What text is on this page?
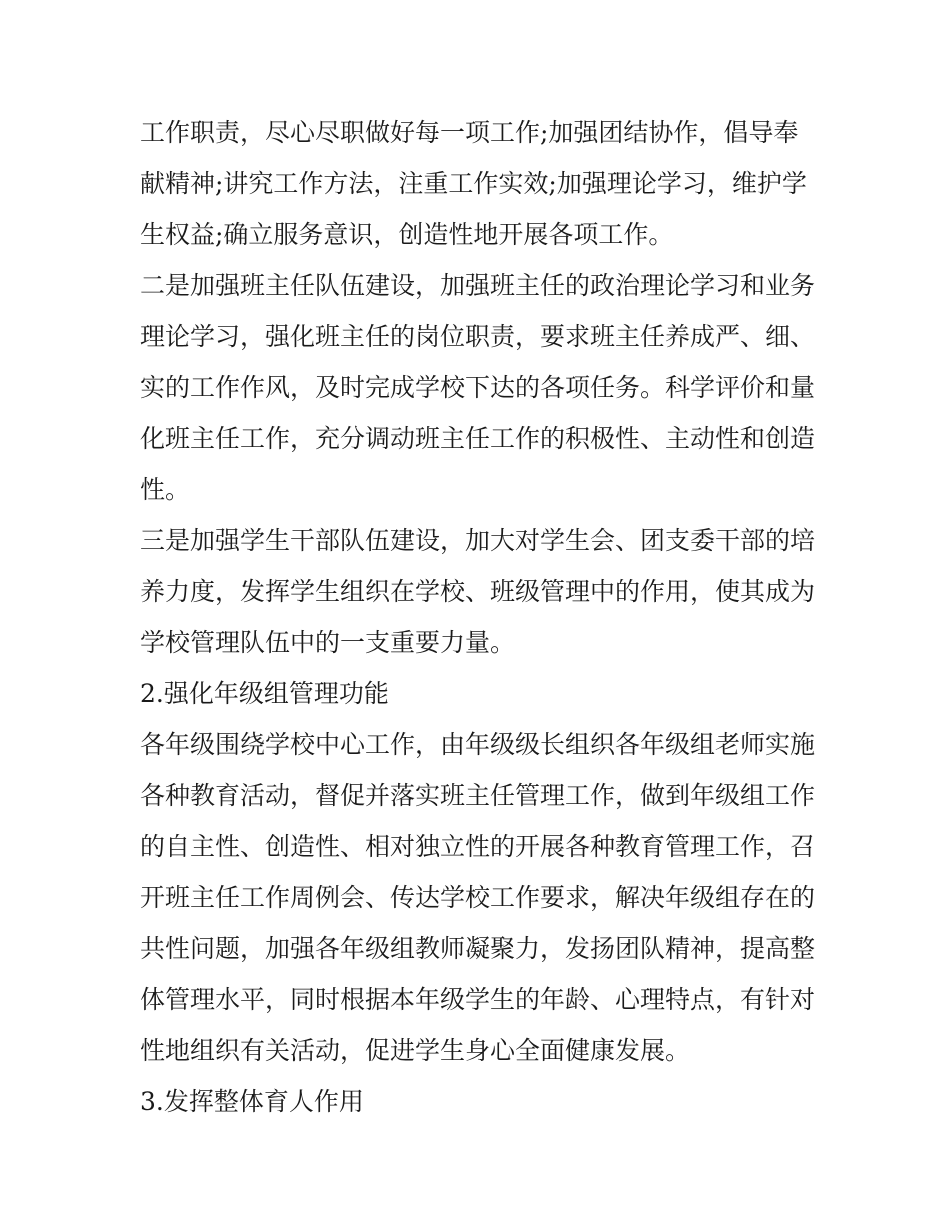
工作职责，尽心尽职做好每一项工作;加强团结协作，倡导奉
献精神;讲究工作方法，注重工作实效;加强理论学习，维护学
生权益;确立服务意识，创造性地开展各项工作。
二是加强班主任队伍建设，加强班主任的政治理论学习和业务
理论学习，强化班主任的岗位职责，要求班主任养成严、细、
实的工作作风，及时完成学校下达的各项任务。科学评价和量
化班主任工作，充分调动班主任工作的积极性、主动性和创造
性。
三是加强学生干部队伍建设，加大对学生会、团支委干部的培
养力度，发挥学生组织在学校、班级管理中的作用，使其成为
学校管理队伍中的一支重要力量。
2.强化年级组管理功能
各年级围绕学校中心工作，由年级级长组织各年级组老师实施
各种教育活动，督促并落实班主任管理工作，做到年级组工作
的自主性、创造性、相对独立性的开展各种教育管理工作，召
开班主任工作周例会、传达学校工作要求，解决年级组存在的
共性问题，加强各年级组教师凝聚力，发扬团队精神，提高整
体管理水平，同时根据本年级学生的年龄、心理特点，有针对
性地组织有关活动，促进学生身心全面健康发展。
3.发挥整体育人作用
